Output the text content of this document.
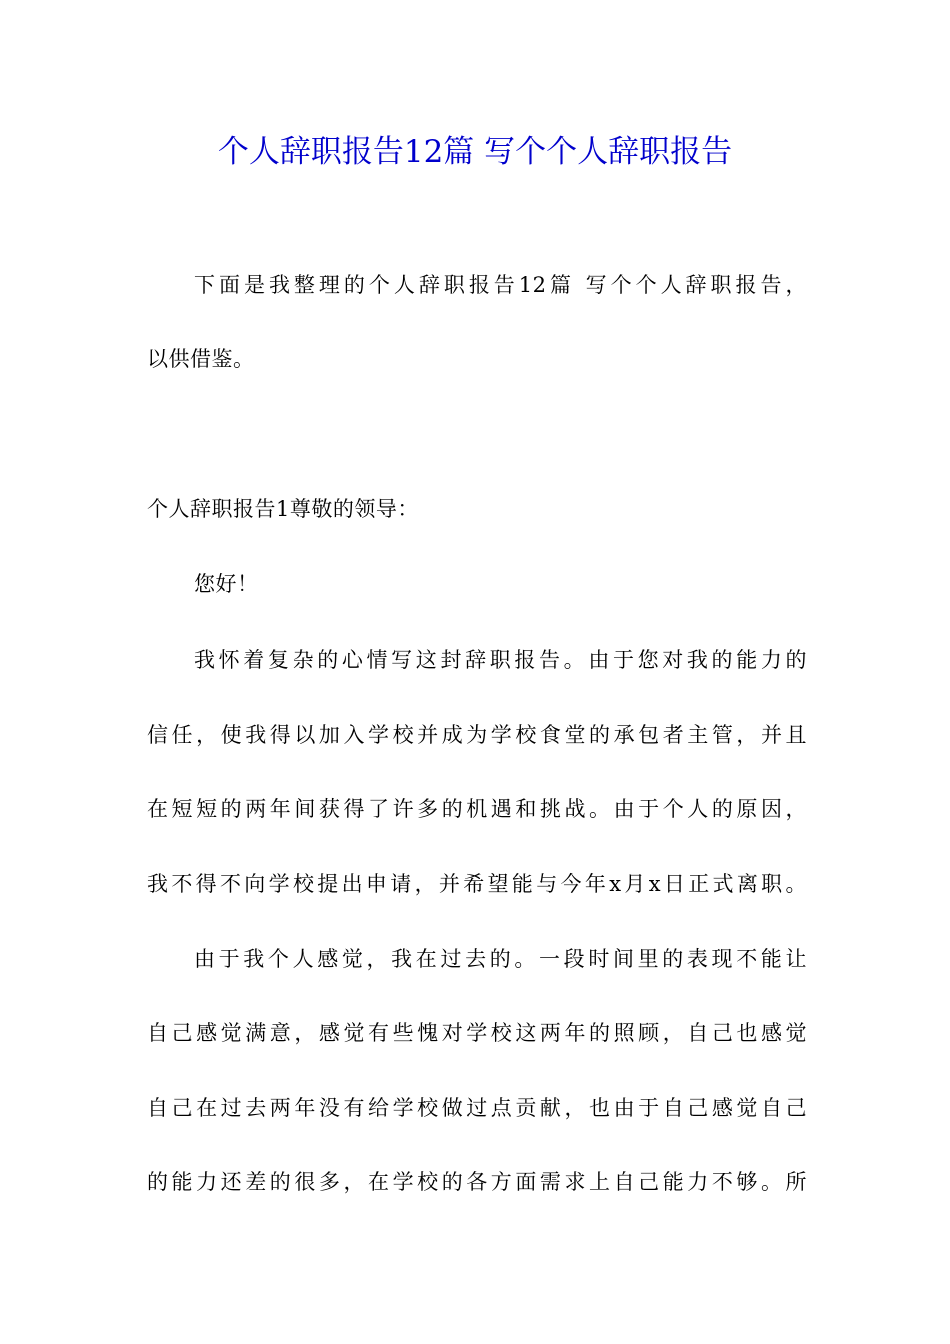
个人辞职报告12篇 写个个人辞职报告
下面是我整理的个人辞职报告12篇 写个个人辞职报告，
以供借鉴。
个人辞职报告1尊敬的领导：
您好！
我怀着复杂的心情写这封辞职报告。由于您对我的能力的
信任，使我得以加入学校并成为学校食堂的承包者主管，并且
在短短的两年间获得了许多的机遇和挑战。由于个人的原因，
我不得不向学校提出申请，并希望能与今年x月x日正式离职。
由于我个人感觉，我在过去的。一段时间里的表现不能让
自己感觉满意，感觉有些愧对学校这两年的照顾，自己也感觉
自己在过去两年没有给学校做过点贡献，也由于自己感觉自己
的能力还差的很多，在学校的各方面需求上自己能力不够。所
